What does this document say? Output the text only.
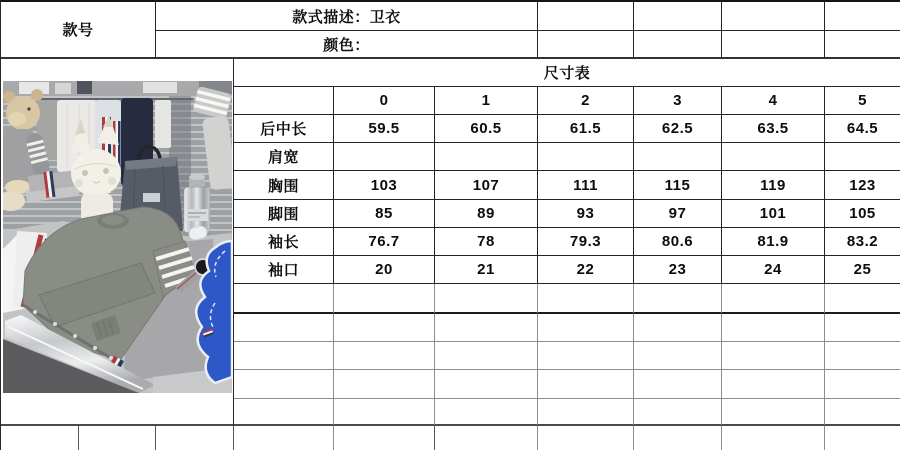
款号
款式描述：卫衣
颜色：
尺寸表
0	1	2	3	4	5
后中长	59.5	60.5	61.5	62.5	63.5	64.5
肩宽
胸围	103	107	111	115	119	123
脚围	85	89	93	97	101	105
袖长	76.7	78	79.3	80.6	81.9	83.2
袖口	20	21	22	23	24	25
